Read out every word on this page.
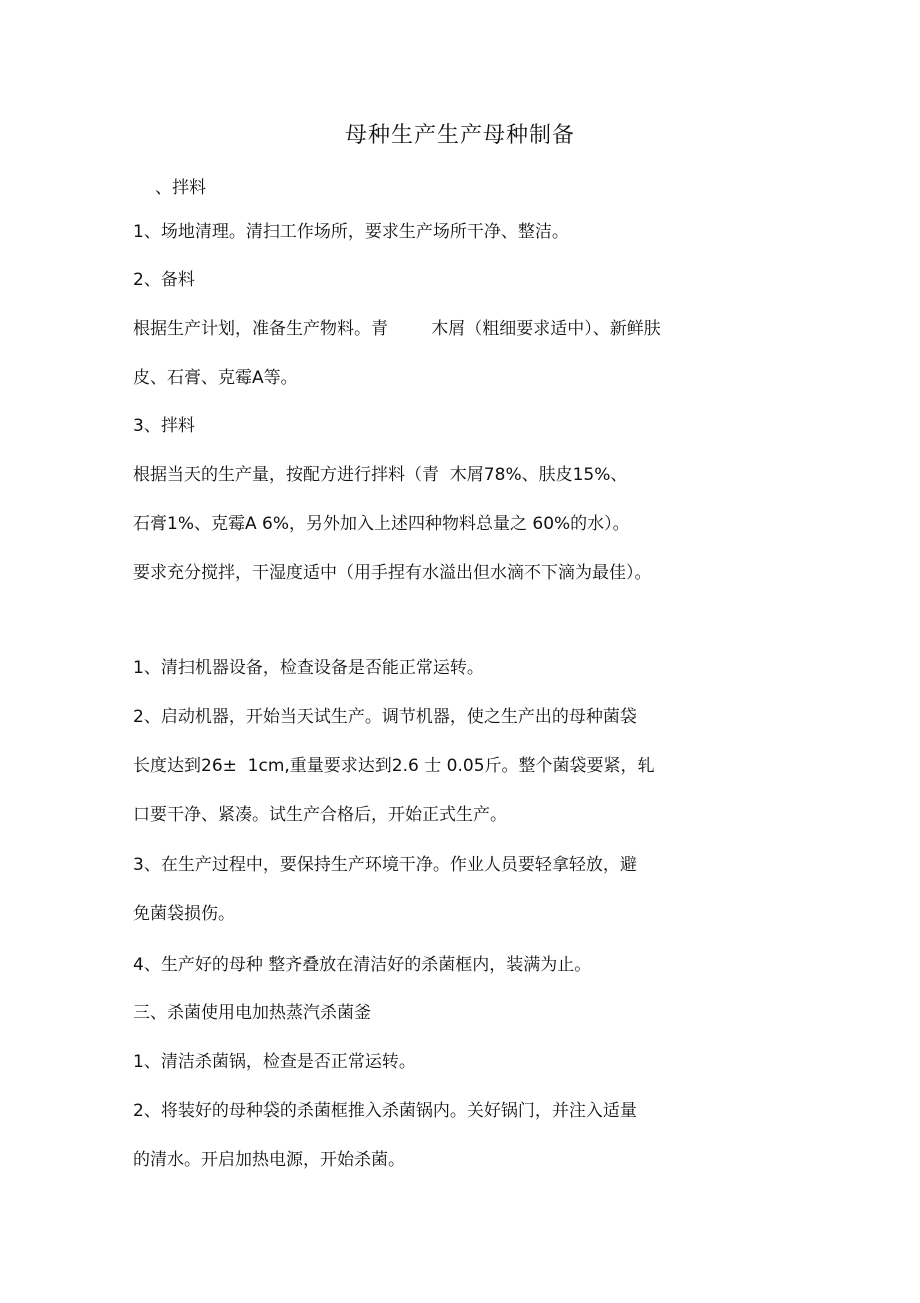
母种生产生产母种制备

、拌料

1、场地清理。清扫工作场所，要求生产场所干净、整洁。

2、备料

根据生产计划，准备生产物料。青        木屑（粗细要求适中）、新鲜肤

皮、石膏、克霉A等。

3、拌料

根据当天的生产量，按配方进行拌料（青  木屑78%、肤皮15%、

石膏1%、克霉A 6%，另外加入上述四种物料总量之 60%的水）。

要求充分搅拌，干湿度适中（用手捏有水溢出但水滴不下滴为最佳）。

1、清扫机器设备，检查设备是否能正常运转。

2、启动机器，开始当天试生产。调节机器，使之生产出的母种菌袋

长度达到26±  1cm,重量要求达到2.6 士 0.05斤。整个菌袋要紧，轧

口要干净、紧凑。试生产合格后，开始正式生产。

3、在生产过程中，要保持生产环境干净。作业人员要轻拿轻放，避

免菌袋损伤。

4、生产好的母种 整齐叠放在清洁好的杀菌框内，装满为止。

三、杀菌使用电加热蒸汽杀菌釜

1、清洁杀菌锅，检查是否正常运转。

2、将装好的母种袋的杀菌框推入杀菌锅内。关好锅门，并注入适量

的清水。开启加热电源，开始杀菌。
